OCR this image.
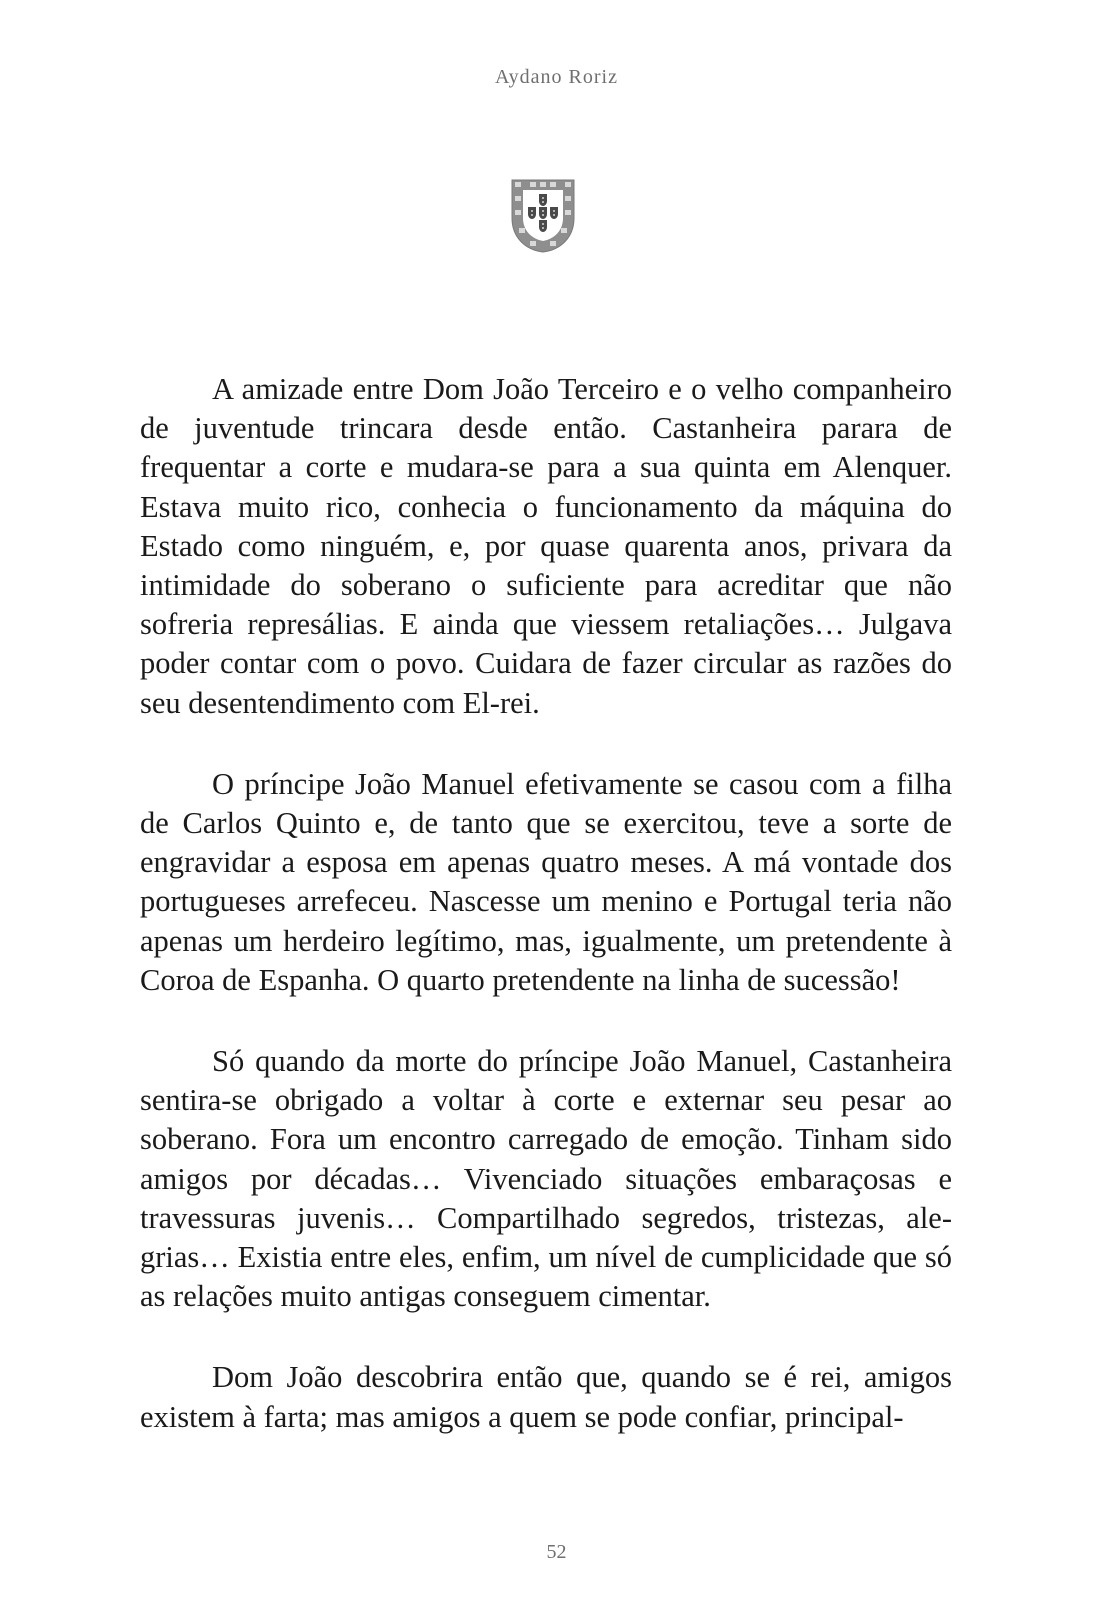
Aydano Roriz

A amizade entre Dom João Terceiro e o velho companheiro de juventude trincara desde então. Castanheira parara de frequentar a corte e mudara-se para a sua quinta em Alenquer. Estava muito rico, conhecia o funcionamento da máquina do Estado como ninguém, e, por quase quarenta anos, privara da intimidade do soberano o suficiente para acreditar que não sofreria represálias. E ainda que viessem retaliações… Julgava poder contar com o povo. Cuidara de fazer circular as razões do seu desentendimento com El-rei.

O príncipe João Manuel efetivamente se casou com a filha de Carlos Quinto e, de tanto que se exercitou, teve a sorte de engravidar a esposa em apenas quatro meses. A má vontade dos portugueses arrefeceu. Nascesse um menino e Portugal teria não apenas um herdeiro legítimo, mas, igualmente, um pretendente à Coroa de Espanha. O quarto pretendente na linha de sucessão!

Só quando da morte do príncipe João Manuel, Castanheira sentira-se obrigado a voltar à corte e externar seu pesar ao soberano. Fora um encontro carregado de emoção. Tinham sido amigos por décadas… Vivenciado situações embaraçosas e travessuras juvenis… Compartilhado segredos, tristezas, alegrias… Existia entre eles, enfim, um nível de cumplicidade que só as relações muito antigas conseguem cimentar.

Dom João descobrira então que, quando se é rei, amigos existem à farta; mas amigos a quem se pode confiar, principal-

52
